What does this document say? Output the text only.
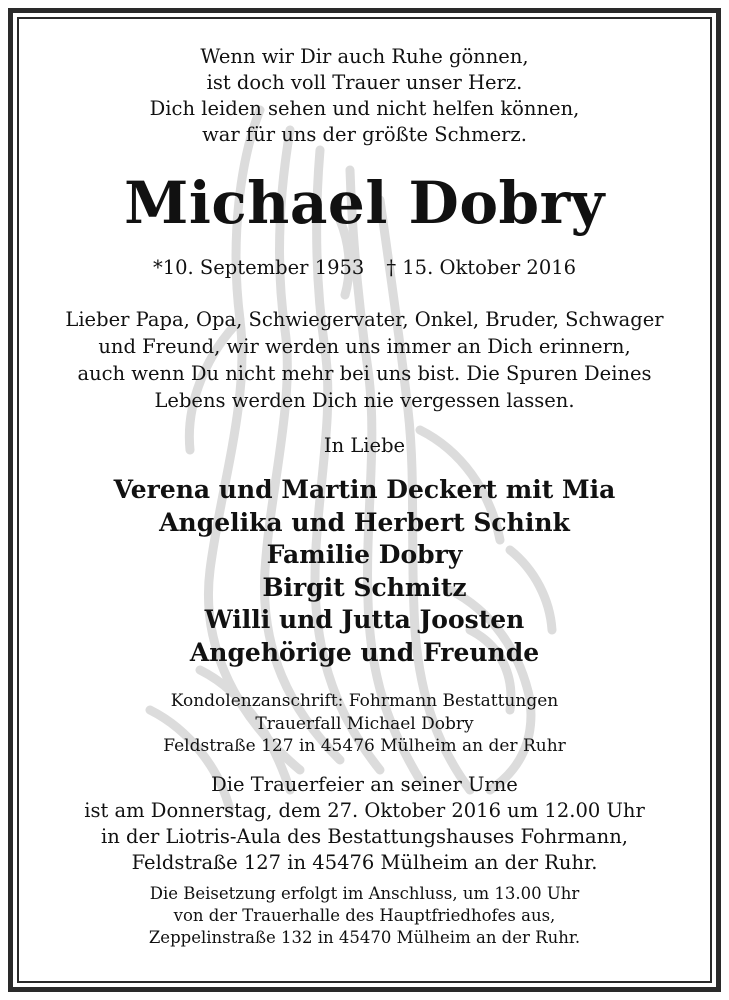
Wenn wir Dir auch Ruhe gönnen,
ist doch voll Trauer unser Herz.
Dich leiden sehen und nicht helfen können,
war für uns der größte Schmerz.
Michael Dobry
*10. September 1953 † 15. Oktober 2016
Lieber Papa, Opa, Schwiegervater, Onkel, Bruder, Schwager
und Freund, wir werden uns immer an Dich erinnern,
auch wenn Du nicht mehr bei uns bist. Die Spuren Deines
Lebens werden Dich nie vergessen lassen.
In Liebe
Verena und Martin Deckert mit Mia
Angelika und Herbert Schink
Familie Dobry
Birgit Schmitz
Willi und Jutta Joosten
Angehörige und Freunde
Kondolenzanschrift: Fohrmann Bestattungen
Trauerfall Michael Dobry
Feldstraße 127 in 45476 Mülheim an der Ruhr
Die Trauerfeier an seiner Urne
ist am Donnerstag, dem 27. Oktober 2016 um 12.00 Uhr
in der Liotris-Aula des Bestattungshauses Fohrmann,
Feldstraße 127 in 45476 Mülheim an der Ruhr.
Die Beisetzung erfolgt im Anschluss, um 13.00 Uhr
von der Trauerhalle des Hauptfriedhofes aus,
Zeppelinstraße 132 in 45470 Mülheim an der Ruhr.
